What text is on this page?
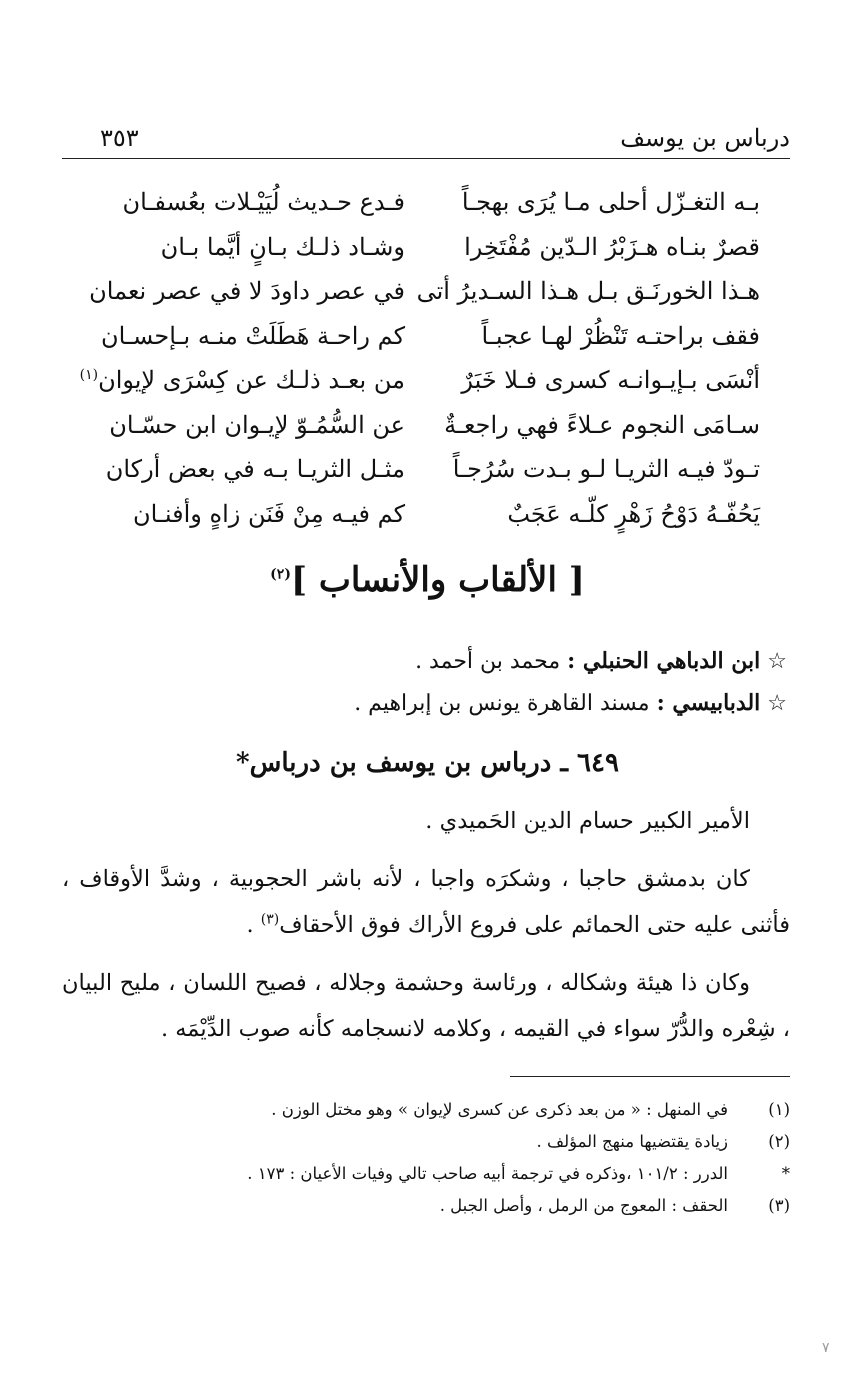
درباس بن يوسف
٣٥٣
بـه التغـزّل أحلى مـا يُرَى بهجـاً
فـدع حـديث لُيَيْـلات بعُسفـان
قصرٌ بنـاه هـزَبْرُ الـدّين مُفْتَخِرا
وشـاد ذلـك بـانٍ أيَّما بـان
هـذا الخورنَـق بـل هـذا السـديرُ أتى
في عصر داودَ لا في عصر نعمان
فقف براحتـه تَنْظُرْ لهـا عجبـاً
كم راحـة هَطَلَتْ منـه بـإحسـان
أنْسَى بـإيـوانـه كسرى فـلا خَبَرٌ
من بعـد ذلـك عن كِسْرَى لإيوان$^{(١)}$
سـامَى النجوم عـلاءً فهي راجعـةٌ
عن السُّمُـوّ لإيـوان ابن حسّـان
تـودّ فيـه الثريـا لـو بـدت سُرُجـاً
مثـل الثريـا بـه في بعض أركان
يَحُفّـهُ دَوْحُ زَهْرٍ كلّـه عَجَبٌ
كم فيـه مِنْ فَنَن زاهٍ وأفنـان
[ الألقاب والأنساب ]$^{(٢)}$
☆ ابن الدباهي الحنبلي : محمد بن أحمد .
☆ الدبابيسي : مسند القاهرة يونس بن إبراهيم .
٦٤٩ ـ درباس بن يوسف بن درباس*

الأمير الكبير حسام الدين الحَميدي .

كان بدمشق حاجبا ، وشكرَه واجبا ، لأنه باشر الحجوبية ، وشدَّ الأوقاف ، فأثنى عليه حتى الحمائم على فروع الأراك فوق الأحقاف$^{(٣)}$ .

وكان ذا هيئة وشكاله ، ورئاسة وحشمة وجلاله ، فصيح اللسان ، مليح البيان ، شِعْره والدُّرّ سواء في القيمه ، وكلامه لانسجامه كأنه صوب الدِّيْمَه .

(١)
في المنهل : « من بعد ذكرى عن كسرى لإيوان » وهو مختل الوزن .
(٢)
زيادة يقتضيها منهج المؤلف .
*
الدرر : ١٠١/٢ ،وذكره في ترجمة أبيه صاحب تالي وفيات الأعيان : ١٧٣ .
(٣)
الحقف : المعوج من الرمل ، وأصل الجبل .
٧
